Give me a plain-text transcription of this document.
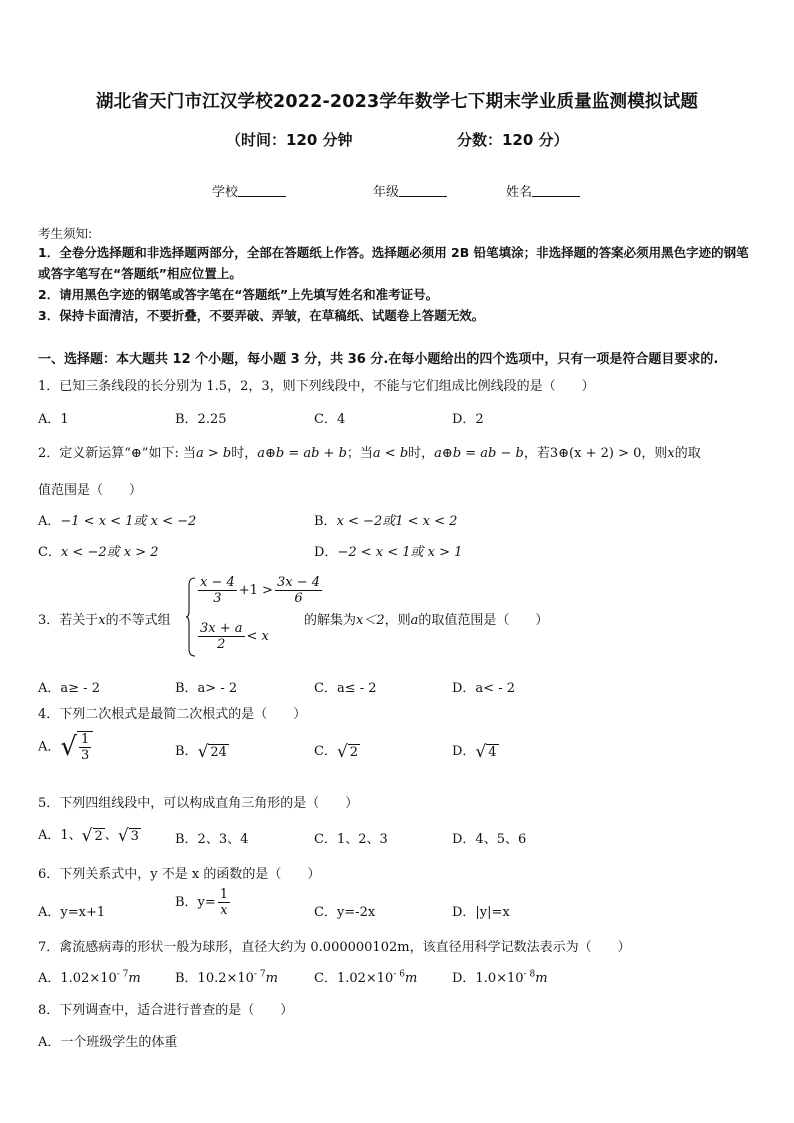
湖北省天门市江汉学校2022-2023学年数学七下期末学业质量监测模拟试题
（时间：120 分钟	分数：120 分）
学校	年级	姓名
考生须知:
1．全卷分选择题和非选择题两部分，全部在答题纸上作答。选择题必须用 2B 铅笔填涂；非选择题的答案必须用黑色字迹的钢笔或答字笔写在“答题纸”相应位置上。
2．请用黑色字迹的钢笔或答字笔在“答题纸”上先填写姓名和准考证号。
3．保持卡面清洁，不要折叠，不要弄破、弄皱，在草稿纸、试题卷上答题无效。
一、选择题：本大题共 12 个小题，每小题 3 分，共 36 分.在每小题给出的四个选项中，只有一项是符合题目要求的.
1．已知三条线段的长分别为 1.5，2，3，则下列线段中，不能与它们组成比例线段的是（　　）
A．1	B．2.25	C．4	D．2
2．定义新运算“⊕”如下: 当a > b时，a⊕b = ab + b；当a < b时，a⊕b = ab − b，若3⊕(x + 2) > 0，则x的取
值范围是（　　）
A．−1 < x < 1或 x < −2	B．x < −2或1 < x < 2
C．x < −2或 x > 2	D．−2 < x < 1或 x > 1
3．若关于x的不等式组
$\frac{x - 4}{3} +1 > \frac{3x - 4}{6}$
$\frac{3x + a}{2} < x$
的解集为x＜2，则a的取值范围是（　　）
A．a≥ - 2	B．a> - 2	C．a≤ - 2	D．a< - 2
4．下列二次根式是最简二次根式的是（　　）
A．√ $\frac{1}{3}$	B．√ 24	C．√ 2	D．√ 4
5．下列四组线段中，可以构成直角三角形的是（　　）
A．1、√ 2 、√ 3	B．2、3、4	C．1、2、3	D．4、5、6
6．下列关系式中，y 不是 x 的函数的是（　　）
A．y=x+1
B．$y= \frac{1}{x}$	C．y=-2x	D．|y|=x
7．禽流感病毒的形状一般为球形，直径大约为 0.000000102m，该直径用科学记数法表示为（　　）
A．$1.02\times 10^{- 7}m$	B．$10.2\times 10^{- 7}m$	C．$1.02\times 10^{- 6}m$	D．$1.0\times 10^{- 8}m$
8．下列调查中，适合进行普查的是（　　）
A．一个班级学生的体重
